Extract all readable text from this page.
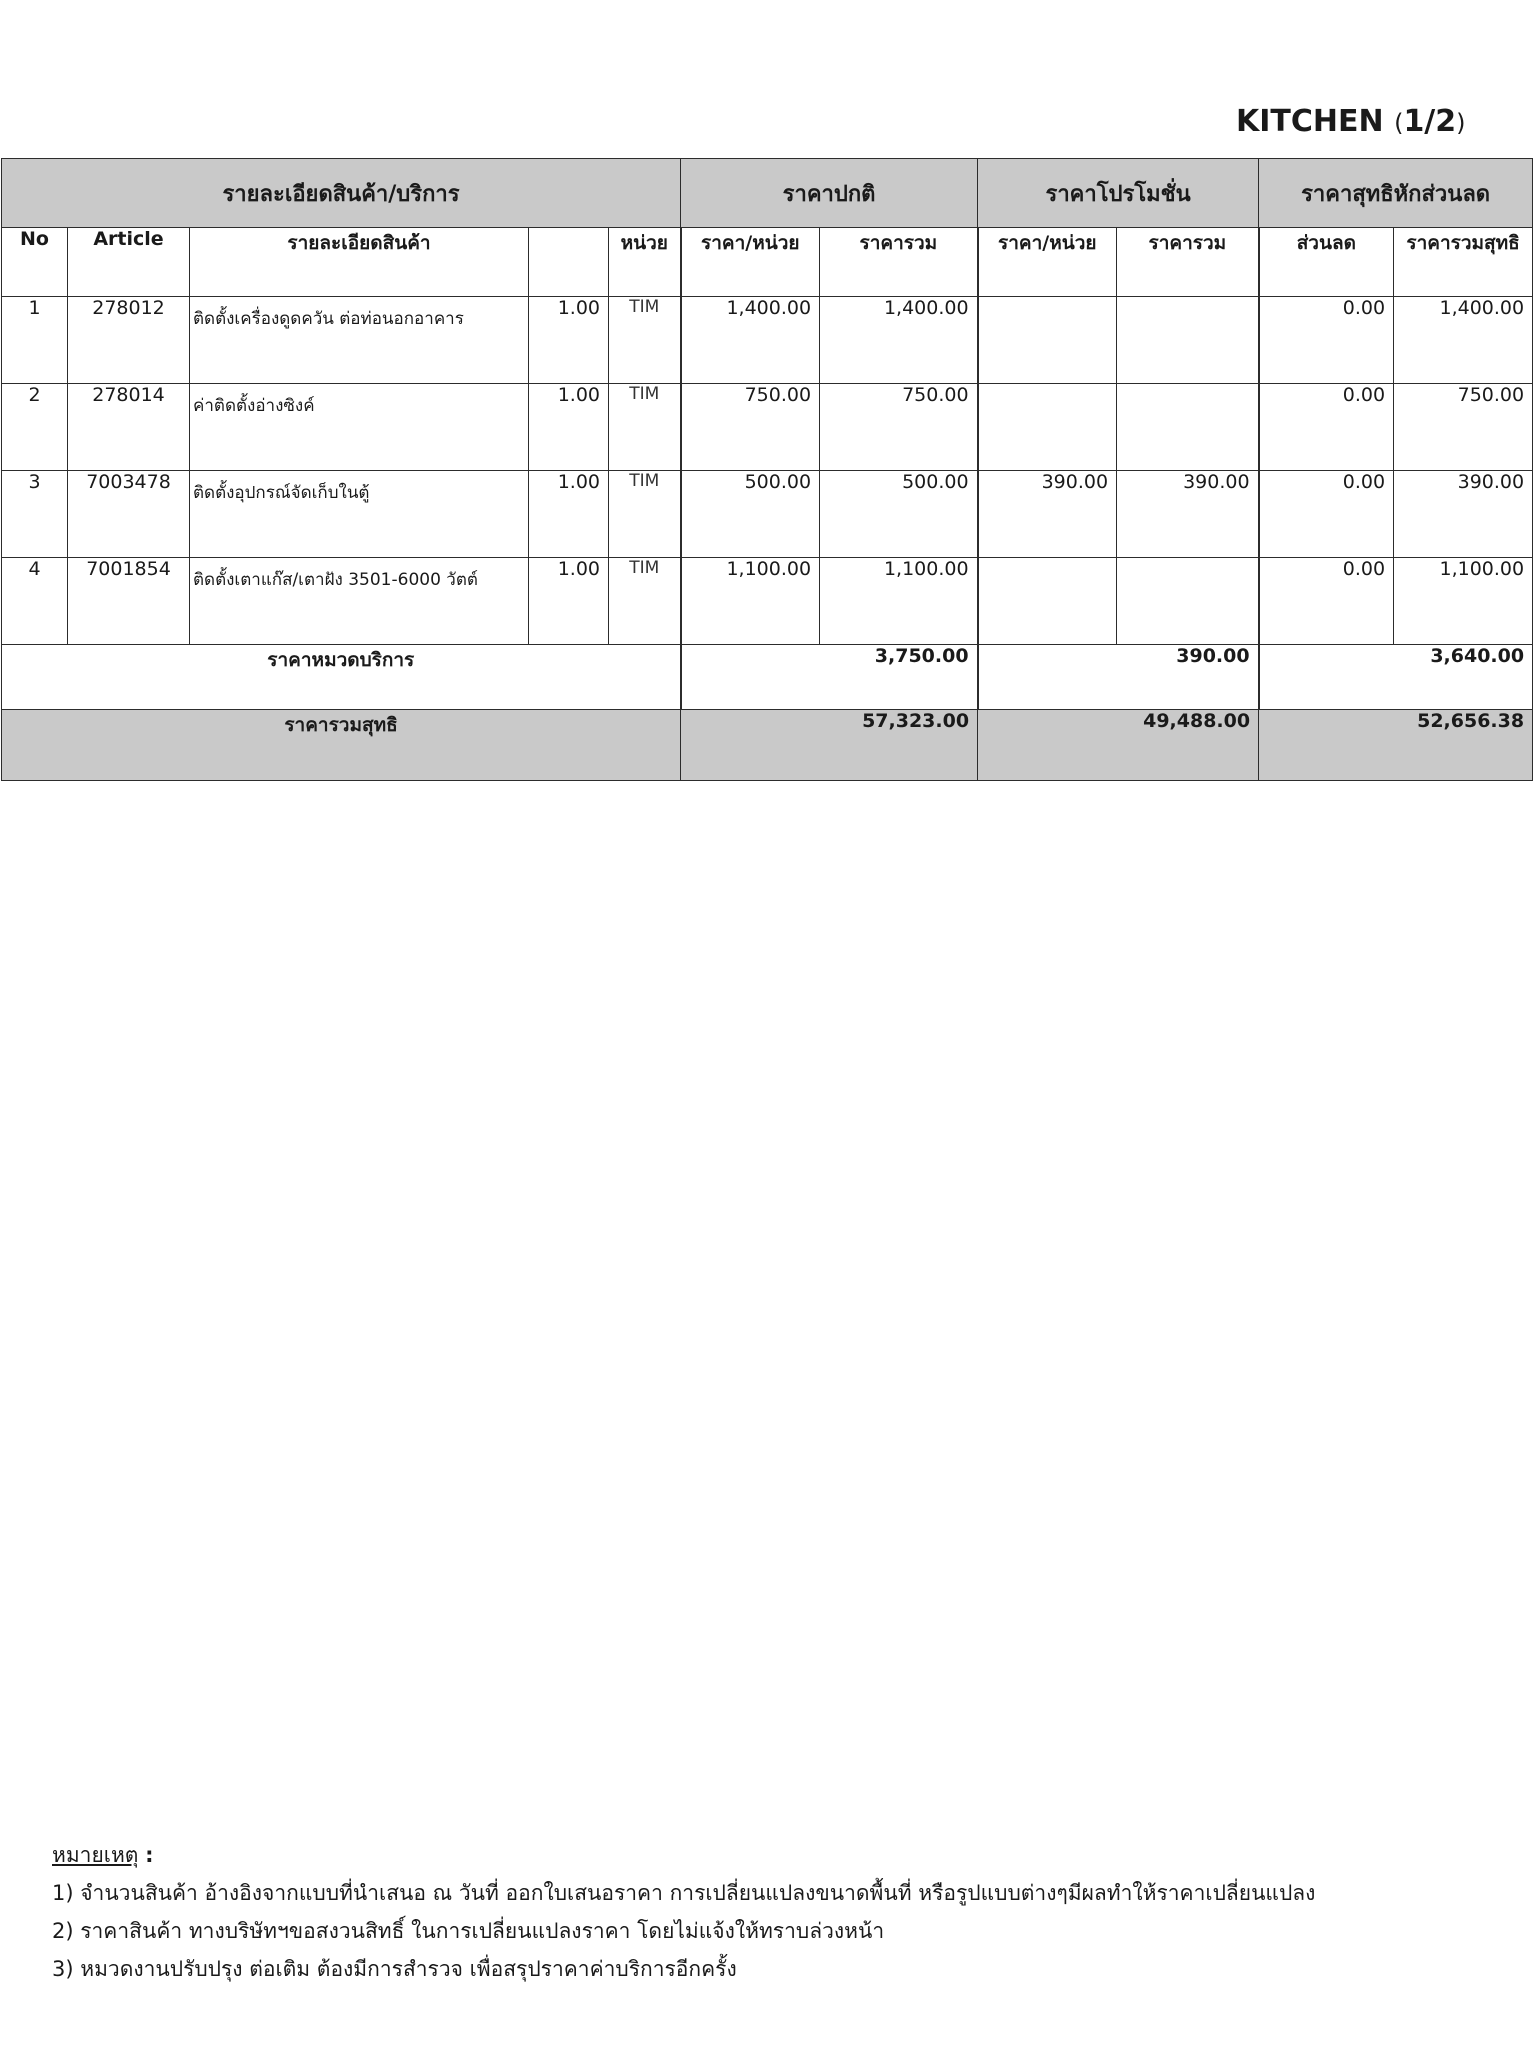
KITCHEN (1/2)
รายละเอียดสินค้า/บริการ					ราคาปกติ		ราคาโปรโมชั่น		ราคาสุทธิหักส่วนลด	
No	Article	รายละเอียดสินค้า		หน่วย	ราคา/หน่วย	ราคารวม	ราคา/หน่วย	ราคารวม	ส่วนลด	ราคารวมสุทธิ
1	278012	ติดตั้งเครื่องดูดควัน ต่อท่อนอกอาคาร	1.00	TIM	1,400.00	1,400.00			0.00	1,400.00
2	278014	ค่าติดตั้งอ่างซิงค์	1.00	TIM	750.00	750.00			0.00	750.00
3	7003478	ติดตั้งอุปกรณ์จัดเก็บในตู้	1.00	TIM	500.00	500.00	390.00	390.00	0.00	390.00
4	7001854	ติดตั้งเตาแก๊ส/เตาฝัง 3501-6000 วัตต์	1.00	TIM	1,100.00	1,100.00			0.00	1,100.00
ราคาหมวดบริการ					3,750.00		390.00		3,640.00	
ราคารวมสุทธิ					57,323.00		49,488.00		52,656.38	
หมายเหตุ :
1) จำนวนสินค้า อ้างอิงจากแบบที่นำเสนอ ณ วันที่ ออกใบเสนอราคา การเปลี่ยนแปลงขนาดพื้นที่ หรือรูปแบบต่างๆมีผลทำให้ราคาเปลี่ยนแปลง
2) ราคาสินค้า ทางบริษัทฯขอสงวนสิทธิ์ ในการเปลี่ยนแปลงราคา โดยไม่แจ้งให้ทราบล่วงหน้า
3) หมวดงานปรับปรุง ต่อเติม ต้องมีการสำรวจ เพื่อสรุปราคาค่าบริการอีกครั้ง
